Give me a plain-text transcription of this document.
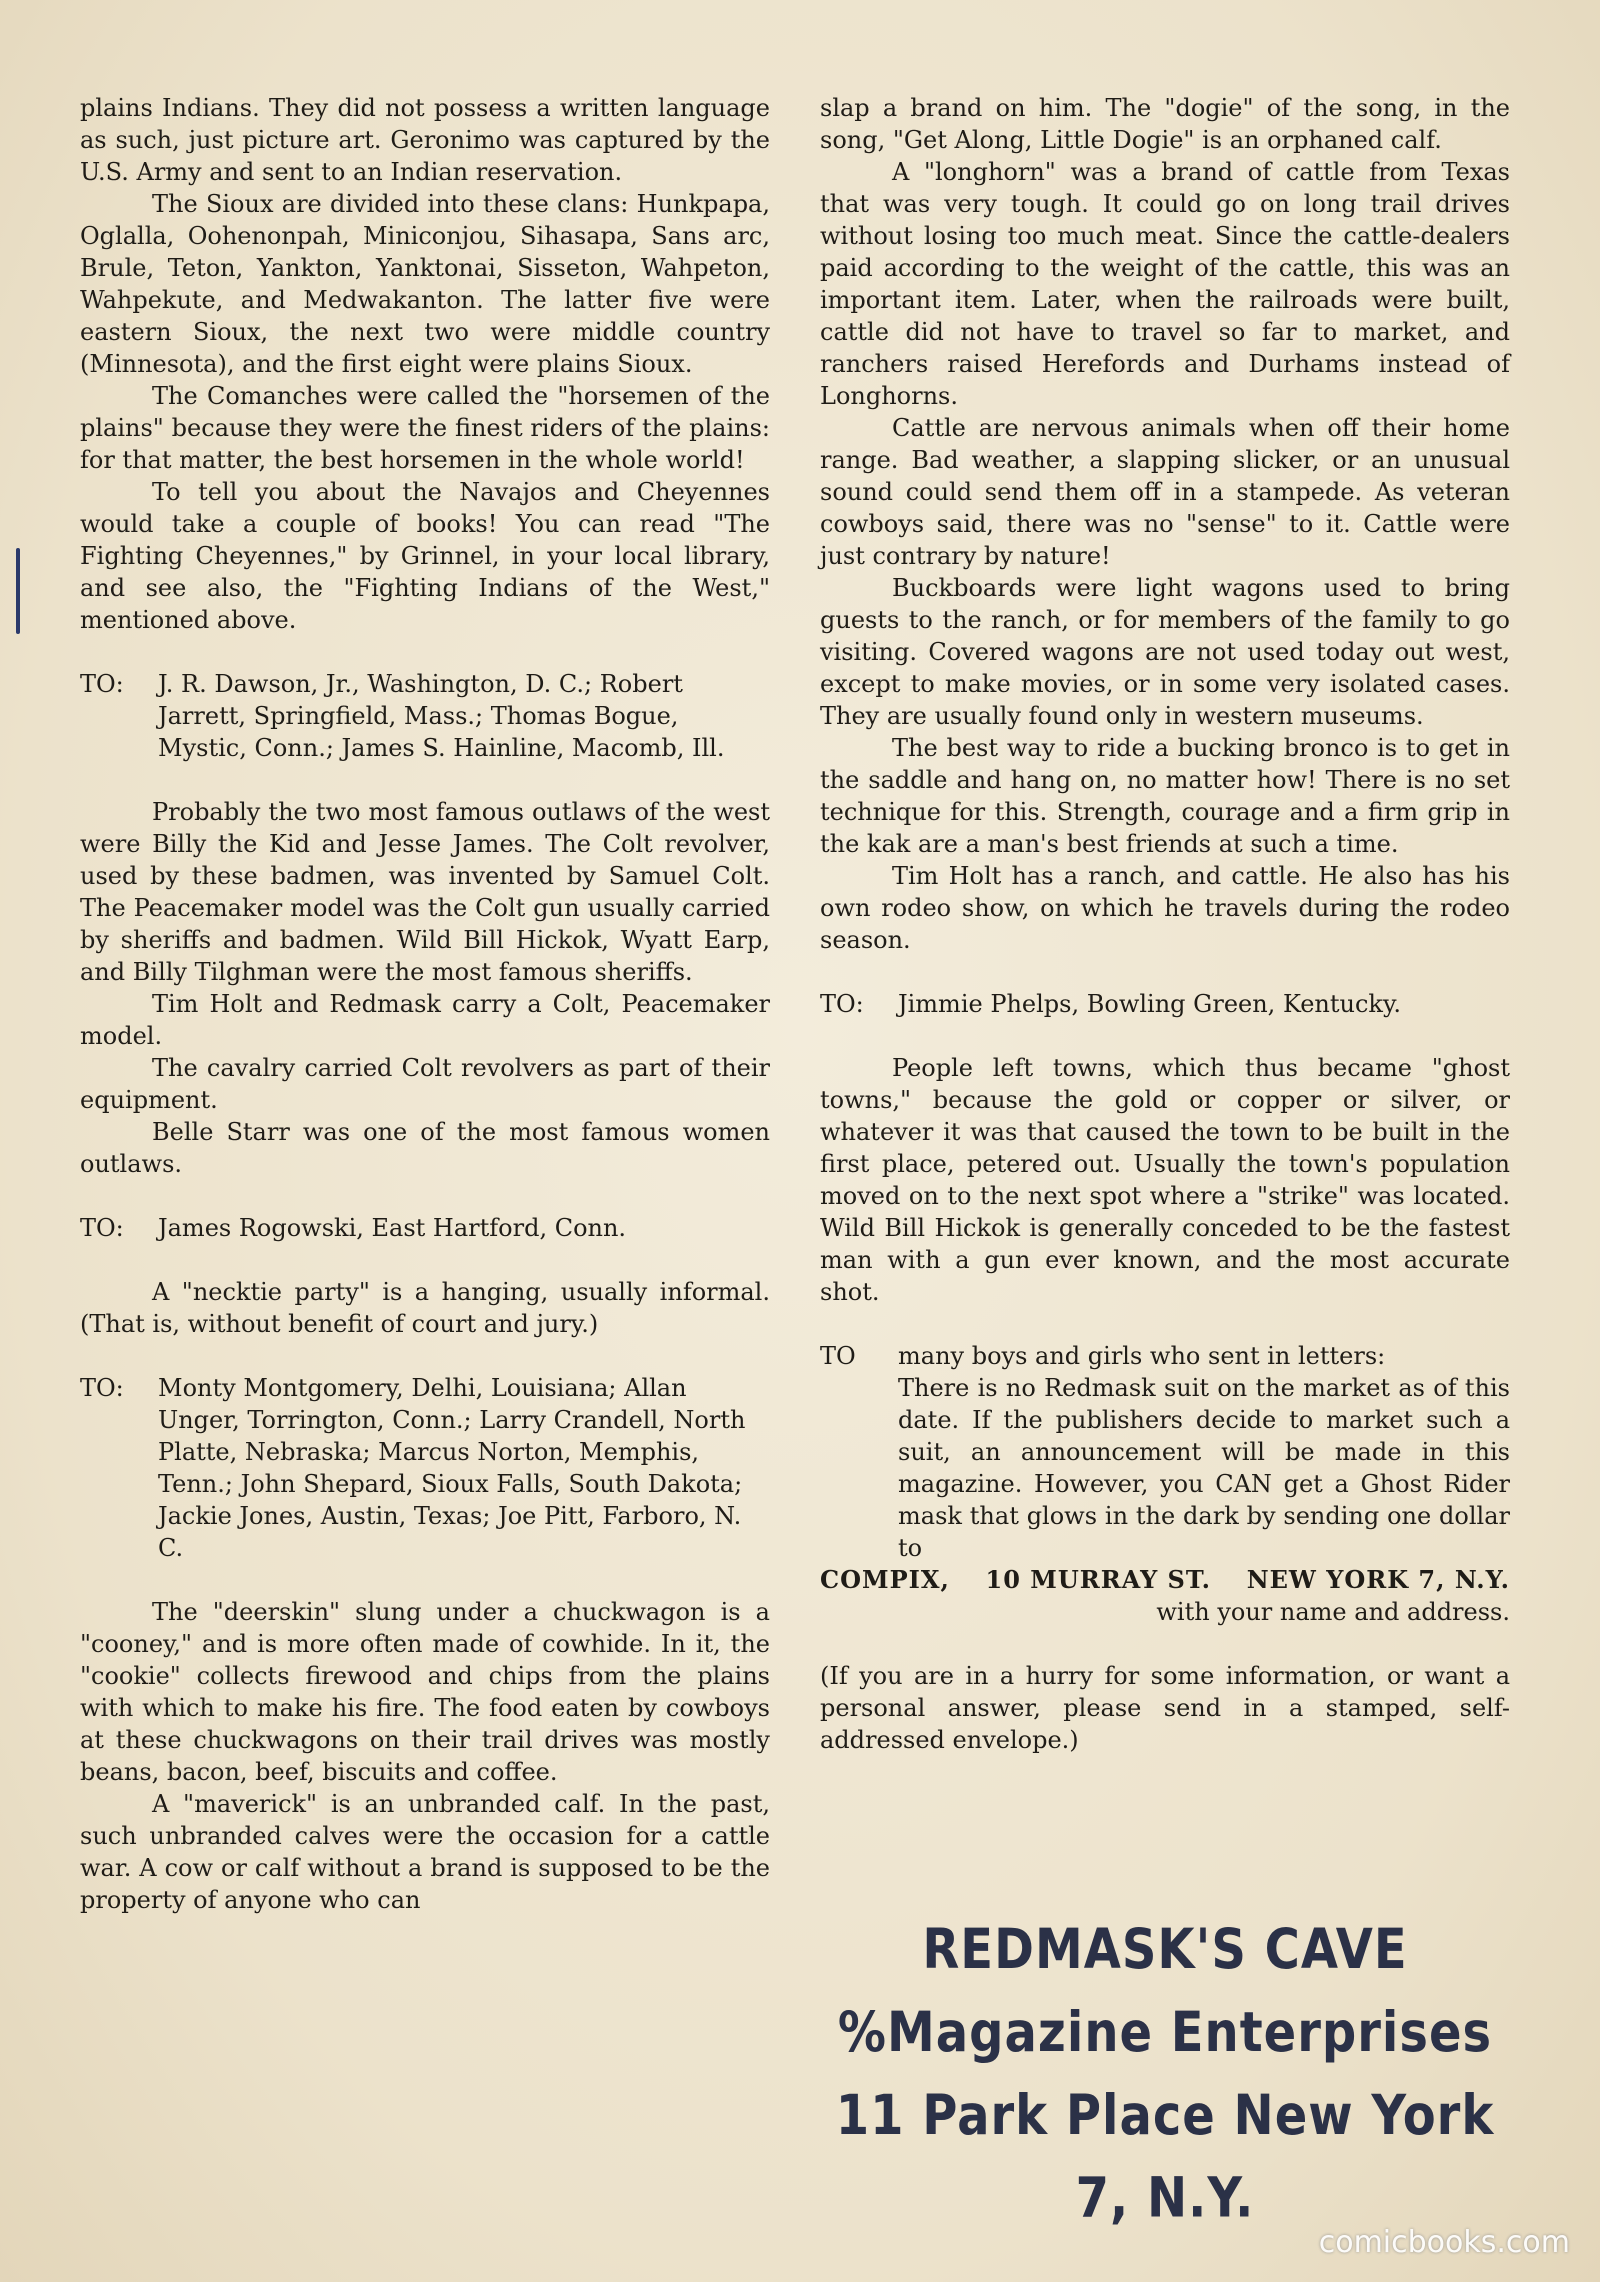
plains Indians. They did not possess a written language as such, just picture art. Geronimo was captured by the U.S. Army and sent to an Indian reservation.

The Sioux are divided into these clans: Hunkpapa, Oglalla, Oohenonpah, Miniconjou, Sihasapa, Sans arc, Brule, Teton, Yankton, Yanktonai, Sisseton, Wahpeton, Wahpekute, and Medwakanton. The latter five were eastern Sioux, the next two were middle country (Minnesota), and the first eight were plains Sioux.

The Comanches were called the "horsemen of the plains" because they were the finest riders of the plains: for that matter, the best horsemen in the whole world!

To tell you about the Navajos and Cheyennes would take a couple of books! You can read "The Fighting Cheyennes," by Grinnel, in your local library, and see also, the "Fighting Indians of the West," mentioned above.

TO:	J. R. Dawson, Jr., Washington, D. C.; Robert Jarrett, Springfield, Mass.; Thomas Bogue, Mystic, Conn.; James S. Hainline, Macomb, Ill.

Probably the two most famous outlaws of the west were Billy the Kid and Jesse James. The Colt revolver, used by these badmen, was invented by Samuel Colt. The Peacemaker model was the Colt gun usually carried by sheriffs and badmen. Wild Bill Hickok, Wyatt Earp, and Billy Tilghman were the most famous sheriffs.

Tim Holt and Redmask carry a Colt, Peacemaker model.

The cavalry carried Colt revolvers as part of their equipment.

Belle Starr was one of the most famous women outlaws.

TO:	James Rogowski, East Hartford, Conn.

A "necktie party" is a hanging, usually informal. (That is, without benefit of court and jury.)

TO:	Monty Montgomery, Delhi, Louisiana; Allan Unger, Torrington, Conn.; Larry Crandell, North Platte, Nebraska; Marcus Norton, Memphis, Tenn.; John Shepard, Sioux Falls, South Dakota; Jackie Jones, Austin, Texas; Joe Pitt, Farboro, N. C.

The "deerskin" slung under a chuckwagon is a "cooney," and is more often made of cowhide. In it, the "cookie" collects firewood and chips from the plains with which to make his fire. The food eaten by cowboys at these chuckwagons on their trail drives was mostly beans, bacon, beef, biscuits and coffee.

A "maverick" is an unbranded calf. In the past, such unbranded calves were the occasion for a cattle war. A cow or calf without a brand is supposed to be the property of anyone who can

slap a brand on him. The "dogie" of the song, in the song, "Get Along, Little Dogie" is an orphaned calf.

A "longhorn" was a brand of cattle from Texas that was very tough. It could go on long trail drives without losing too much meat. Since the cattle-dealers paid according to the weight of the cattle, this was an important item. Later, when the railroads were built, cattle did not have to travel so far to market, and ranchers raised Herefords and Durhams instead of Longhorns.

Cattle are nervous animals when off their home range. Bad weather, a slapping slicker, or an unusual sound could send them off in a stampede. As veteran cowboys said, there was no "sense" to it. Cattle were just contrary by nature!

Buckboards were light wagons used to bring guests to the ranch, or for members of the family to go visiting. Covered wagons are not used today out west, except to make movies, or in some very isolated cases. They are usually found only in western museums.

The best way to ride a bucking bronco is to get in the saddle and hang on, no matter how! There is no set technique for this. Strength, courage and a firm grip in the kak are a man's best friends at such a time.

Tim Holt has a ranch, and cattle. He also has his own rodeo show, on which he travels during the rodeo season.

TO:	Jimmie Phelps, Bowling Green, Kentucky.

People left towns, which thus became "ghost towns," because the gold or copper or silver, or whatever it was that caused the town to be built in the first place, petered out. Usually the town's population moved on to the next spot where a "strike" was located. Wild Bill Hickok is generally conceded to be the fastest man with a gun ever known, and the most accurate shot.

TO	many boys and girls who sent in letters:

There is no Redmask suit on the market as of this date. If the publishers decide to market such a suit, an announcement will be made in this magazine. However, you CAN get a Ghost Rider mask that glows in the dark by sending one dollar to

COMPIX, 10 MURRAY ST. NEW YORK 7, N.Y.

with your name and address.

(If you are in a hurry for some information, or want a personal answer, please send in a stamped, self-addressed envelope.)

REDMASK'S CAVE
%Magazine Enterprises
11 Park Place New York 7, N.Y.
comicbooks.com
